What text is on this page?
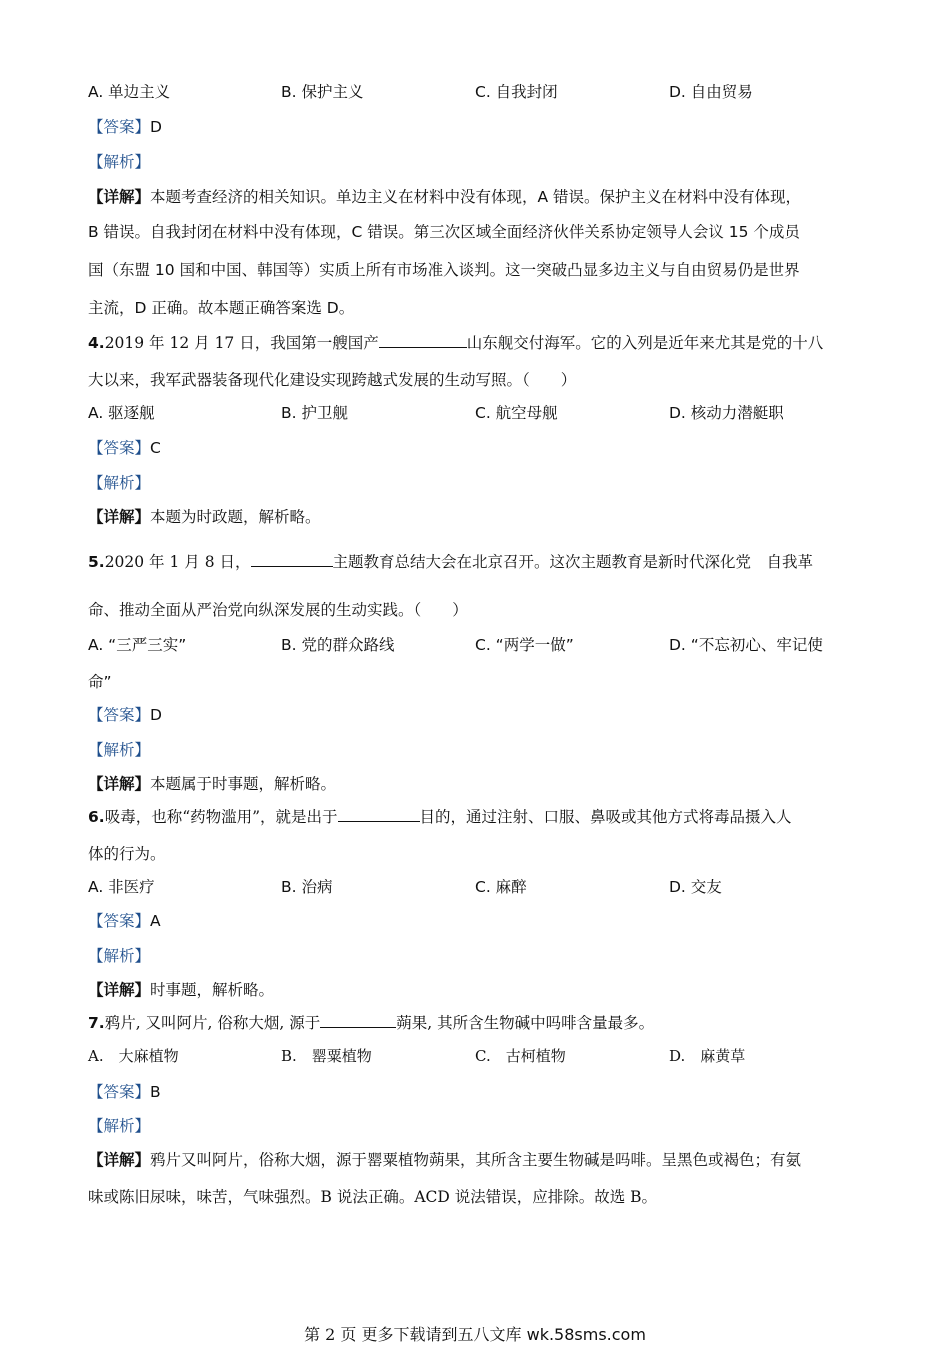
A. 单边主义	B. 保护主义	C. 自我封闭	D. 自由贸易
【答案】D
【解析】
【详解】本题考查经济的相关知识。单边主义在材料中没有体现，A 错误。保护主义在材料中没有体现，
B 错误。自我封闭在材料中没有体现，C 错误。第三次区域全面经济伙伴关系协定领导人会议 15 个成员
国（东盟 10 国和中国、韩国等）实质上所有市场准入谈判。这一突破凸显多边主义与自由贸易仍是世界
主流，D 正确。故本题正确答案选 D。
4.2019 年 12 月 17 日，我国第一艘国产	山东舰交付海军。它的入列是近年来尤其是党的十八
大以来，我军武器装备现代化建设实现跨越式发展的生动写照。（　　）
A. 驱逐舰	B. 护卫舰	C. 航空母舰	D. 核动力潜艇职
【答案】C
【解析】
【详解】本题为时政题，解析略。
5.2020 年 1 月 8 日，	主题教育总结大会在北京召开。这次主题教育是新时代深化党　自我革
命、推动全面从严治党向纵深发展的生动实践。（　　）
A. “三严三实”	B. 党的群众路线	C. “两学一做”	D. “不忘初心、牢记使
命”
【答案】D
【解析】
【详解】本题属于时事题，解析略。
6.吸毒，也称“药物滥用”，就是出于	目的，通过注射、口服、鼻吸或其他方式将毒品摄入人
体的行为。
A. 非医疗	B. 治病	C. 麻醉	D. 交友
【答案】A
【解析】
【详解】时事题，解析略。
7.鸦片, 又叫阿片, 俗称大烟, 源于	蒴果, 其所含生物碱中吗啡含量最多。
A.　大麻植物	B.　罂粟植物	C.　古柯植物	D.　麻黄草
【答案】B
【解析】
【详解】鸦片又叫阿片，俗称大烟，源于罂粟植物蒴果，其所含主要生物碱是吗啡。呈黑色或褐色；有氨
味或陈旧尿味，味苦，气味强烈。B 说法正确。ACD 说法错误，应排除。故选 B。
第 2 页 更多下载请到五八文库 wk.58sms.com
